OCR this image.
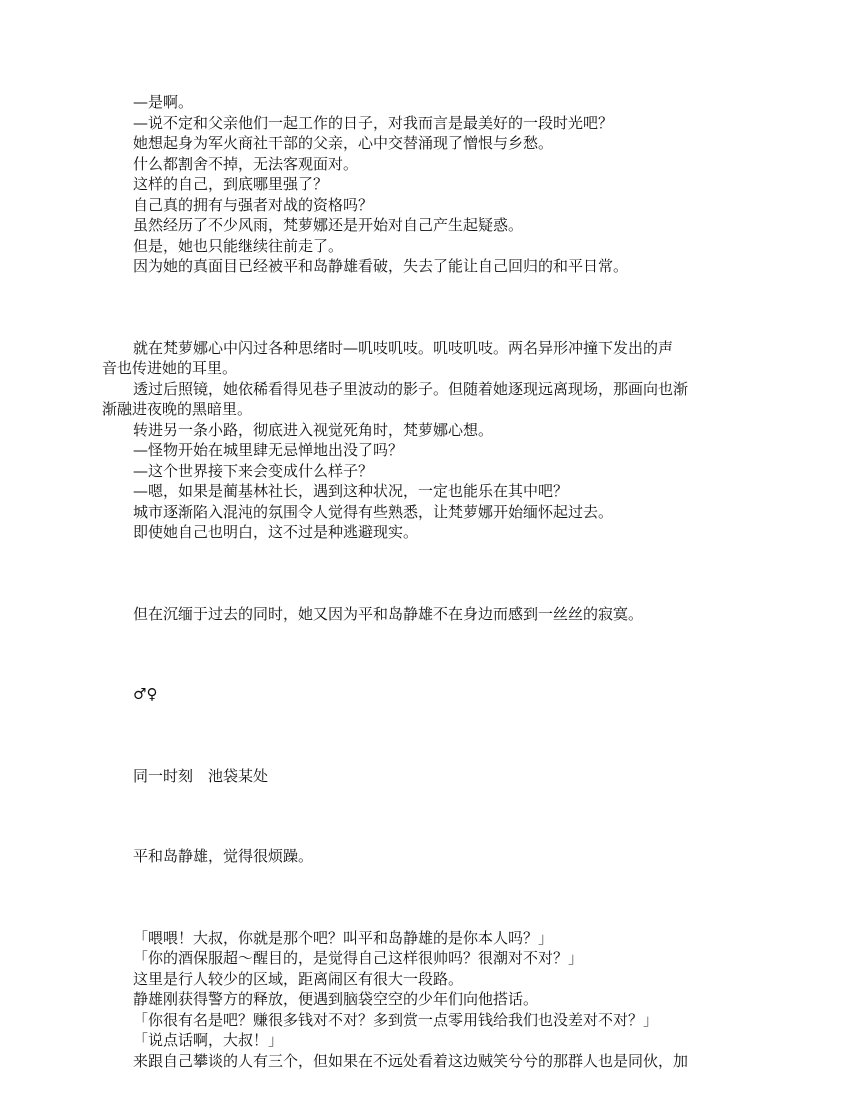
—是啊。

—说不定和父亲他们一起工作的日子，对我而言是最美好的一段时光吧？

她想起身为军火商社干部的父亲，心中交替涌现了憎恨与乡愁。

什么都割舍不掉，无法客观面对。

这样的自己，到底哪里强了？

自己真的拥有与强者对战的资格吗？

虽然经历了不少风雨，梵萝娜还是开始对自己产生起疑惑。

但是，她也只能继续往前走了。

因为她的真面目已经被平和岛静雄看破，失去了能让自己回归的和平日常。

就在梵萝娜心中闪过各种思绪时—叽吱叽吱。叽吱叽吱。两名异形冲撞下发出的声

音也传进她的耳里。

透过后照镜，她依稀看得见巷子里波动的影子。但随着她逐现远离现场，那画向也渐

渐融进夜晚的黑暗里。

转进另一条小路，彻底进入视觉死角时，梵萝娜心想。

—怪物开始在城里肆无忌惮地出没了吗？

—这个世界接下来会变成什么样子？

—嗯，如果是蔺基林社长，遇到这种状况，一定也能乐在其中吧？

城市逐渐陷入混沌的氛围令人觉得有些熟悉，让梵萝娜开始缅怀起过去。

即使她自己也明白，这不过是种逃避现实。

但在沉缅于过去的同时，她又因为平和岛静雄不在身边而感到一丝丝的寂寞。

♂♀

同一时刻　池袋某处

平和岛静雄，觉得很烦躁。

「喂喂！大叔，你就是那个吧？叫平和岛静雄的是你本人吗？」

「你的酒保服超～醒目的，是觉得自己这样很帅吗？很潮对不对？」

这里是行人较少的区域，距离闹区有很大一段路。

静雄刚获得警方的释放，便遇到脑袋空空的少年们向他搭话。

「你很有名是吧？赚很多钱对不对？多到赏一点零用钱给我们也没差对不对？」

「说点话啊，大叔！」

来跟自己攀谈的人有三个，但如果在不远处看着这边贼笑兮兮的那群人也是同伙，加
